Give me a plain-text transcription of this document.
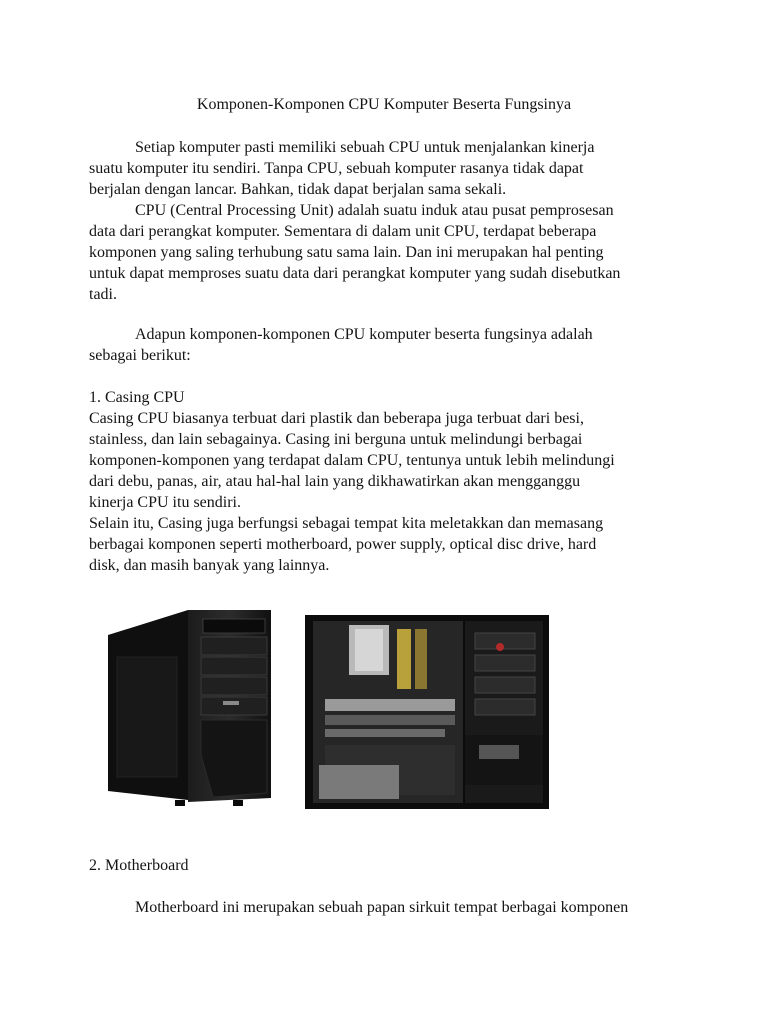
Komponen-Komponen CPU Komputer Beserta Fungsinya
Setiap komputer pasti memiliki sebuah CPU untuk menjalankan kinerja
suatu komputer itu sendiri. Tanpa CPU, sebuah komputer rasanya tidak dapat
berjalan dengan lancar. Bahkan, tidak dapat berjalan sama sekali.
CPU (Central Processing Unit) adalah suatu induk atau pusat pemprosesan
data dari perangkat komputer. Sementara di dalam unit CPU, terdapat beberapa
komponen yang saling terhubung satu sama lain. Dan ini merupakan hal penting
untuk dapat memproses suatu data dari perangkat komputer yang sudah disebutkan
tadi.
Adapun komponen-komponen CPU komputer beserta fungsinya adalah
sebagai berikut:
1. Casing CPU
Casing CPU biasanya terbuat dari plastik dan beberapa juga terbuat dari besi,
stainless, dan lain sebagainya. Casing ini berguna untuk melindungi berbagai
komponen-komponen yang terdapat dalam CPU, tentunya untuk lebih melindungi
dari debu, panas, air, atau hal-hal lain yang dikhawatirkan akan mengganggu
kinerja CPU itu sendiri.
Selain itu, Casing juga berfungsi sebagai tempat kita meletakkan dan memasang
berbagai komponen seperti motherboard, power supply, optical disc drive, hard
disk, dan masih banyak yang lainnya.
2. Motherboard
Motherboard ini merupakan sebuah papan sirkuit tempat berbagai komponen
